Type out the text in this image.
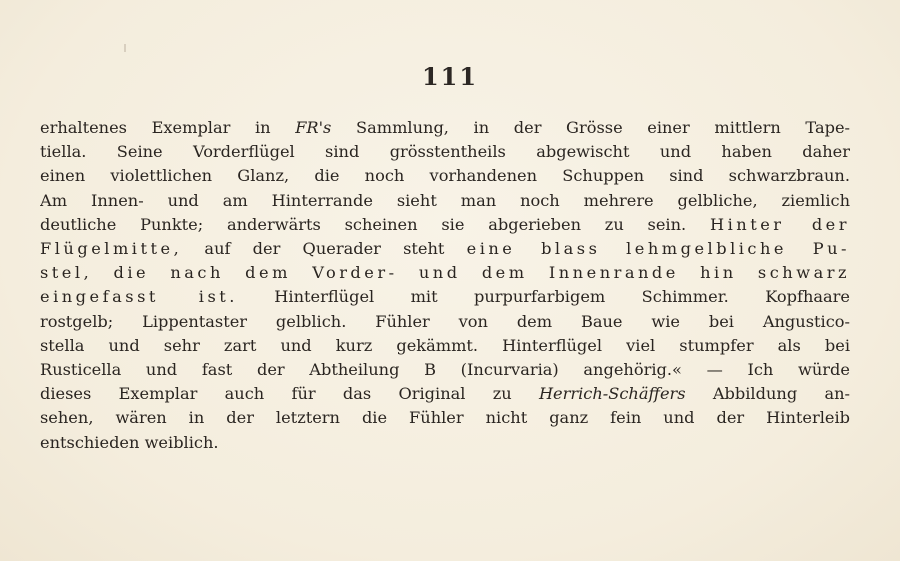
111
erhaltenes Exemplar in FR's Sammlung, in der Grösse einer mittlern Tape-
tiella. Seine Vorderflügel sind grösstentheils abgewischt und haben daher
einen violettlichen Glanz, die noch vorhandenen Schuppen sind schwarzbraun.
Am Innen- und am Hinterrande sieht man noch mehrere gelbliche, ziemlich
deutliche Punkte; anderwärts scheinen sie abgerieben zu sein. Hinter der
Flügelmitte, auf der Querader steht eine blass lehmgelbliche Pu-
stel, die nach dem Vorder- und dem Innenrande hin schwarz
eingefasst ist. Hinterflügel mit purpurfarbigem Schimmer. Kopfhaare
rostgelb; Lippentaster gelblich. Fühler von dem Baue wie bei Angustico-
stella und sehr zart und kurz gekämmt. Hinterflügel viel stumpfer als bei
Rusticella und fast der Abtheilung B (Incurvaria) angehörig.« — Ich würde
dieses Exemplar auch für das Original zu Herrich-Schäffers Abbildung an-
sehen, wären in der letztern die Fühler nicht ganz fein und der Hinterleib
entschieden weiblich.
